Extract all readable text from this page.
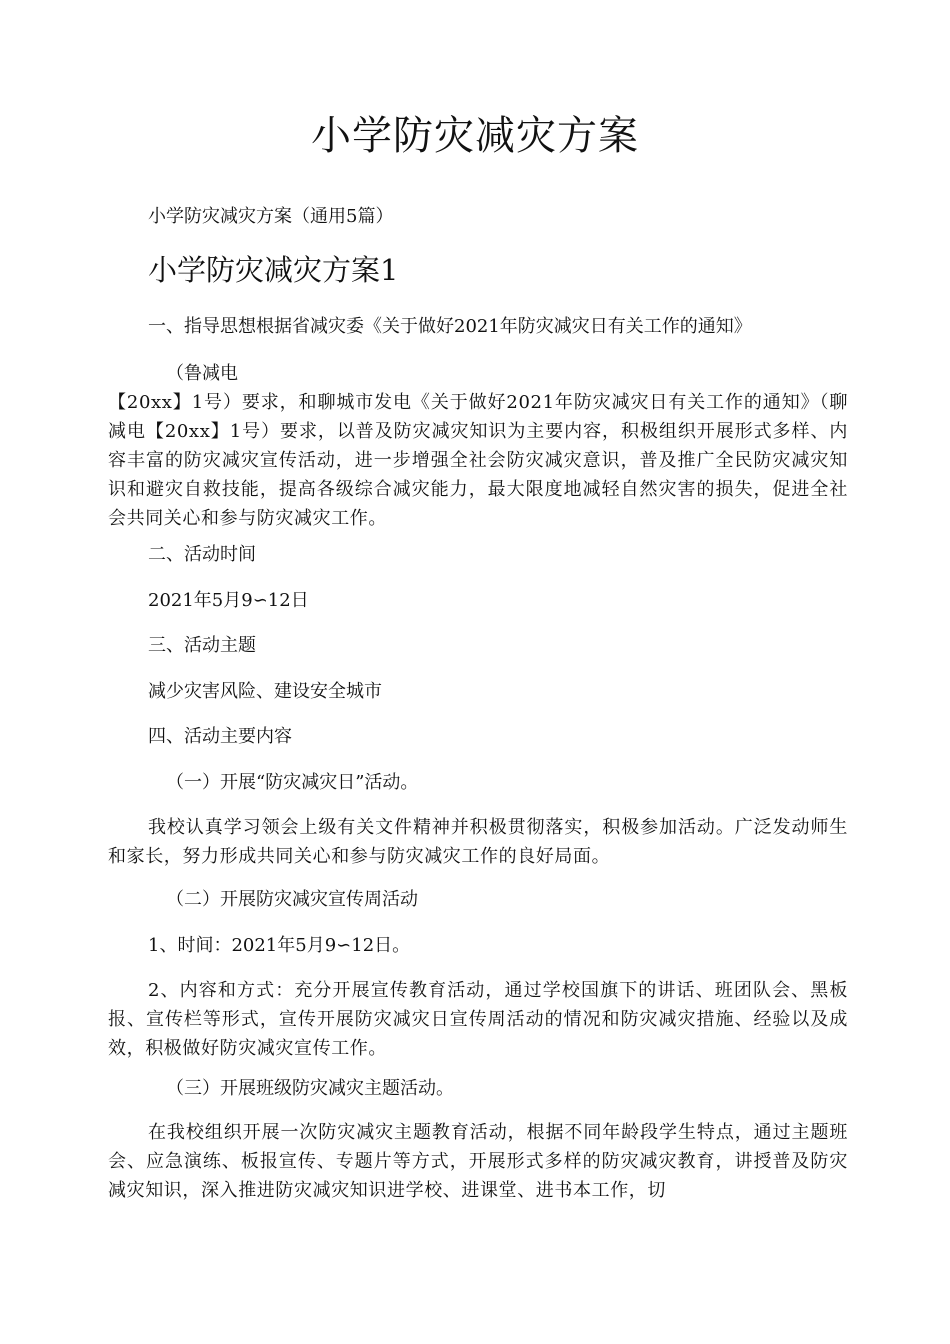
小学防灾减灾方案

小学防灾减灾方案（通用5篇）

小学防灾减灾方案1

一、指导思想根据省减灾委《关于做好2021年防灾减灾日有关工作的通知》

（鲁减电

【20xx】1号）要求，和聊城市发电《关于做好2021年防灾减灾日有关工作的通知》（聊减电【20xx】1号）要求，以普及防灾减灾知识为主要内容，积极组织开展形式多样、内容丰富的防灾减灾宣传活动，进一步增强全社会防灾减灾意识，普及推广全民防灾减灾知识和避灾自救技能，提高各级综合减灾能力，最大限度地减轻自然灾害的损失，促进全社会共同关心和参与防灾减灾工作。

二、活动时间

2021年5月9∽12日

三、活动主题

减少灾害风险、建设安全城市

四、活动主要内容

（一）开展“防灾减灾日”活动。

我校认真学习领会上级有关文件精神并积极贯彻落实，积极参加活动。广泛发动师生和家长，努力形成共同关心和参与防灾减灾工作的良好局面。

（二）开展防灾减灾宣传周活动

1、时间：2021年5月9∽12日。

2、内容和方式：充分开展宣传教育活动，通过学校国旗下的讲话、班团队会、黑板报、宣传栏等形式，宣传开展防灾减灾日宣传周活动的情况和防灾减灾措施、经验以及成效，积极做好防灾减灾宣传工作。

（三）开展班级防灾减灾主题活动。

在我校组织开展一次防灾减灾主题教育活动，根据不同年龄段学生特点，通过主题班会、应急演练、板报宣传、专题片等方式，开展形式多样的防灾减灾教育，讲授普及防灾减灾知识，深入推进防灾减灾知识进学校、进课堂、进书本工作，切
